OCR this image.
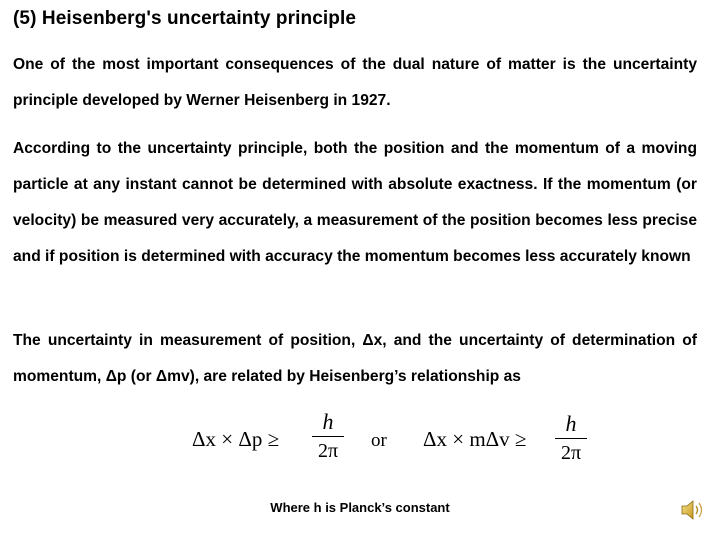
(5) Heisenberg's uncertainty principle
One of the most important consequences of the dual nature of matter is the uncertainty principle developed by Werner Heisenberg in 1927.
According to the uncertainty principle, both the position and the momentum of a moving particle at any instant cannot be determined with absolute exactness. If the momentum (or velocity) be measured very accurately, a measurement of the position becomes less precise and if position is determined with accuracy the momentum becomes less accurately known
The uncertainty in measurement of position, Δx, and the uncertainty of determination of momentum, Δp (or Δmv), are related by Heisenberg’s relationship as
Δx × Δp ≥
h
2π	or Δx × mΔv ≥
h
2π
Where h is Planck’s constant
